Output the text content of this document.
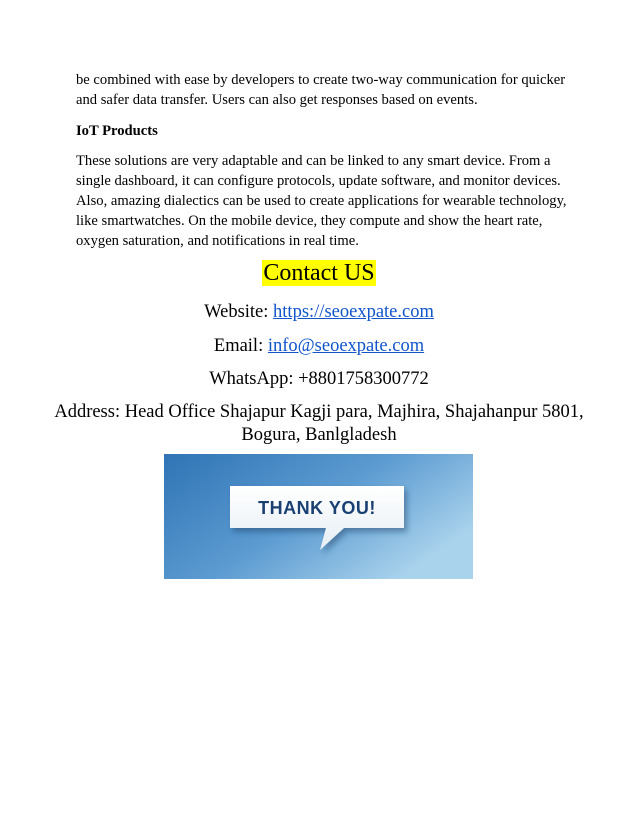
be combined with ease by developers to create two-way communication for quicker and safer data transfer. Users can also get responses based on events.

IoT Products

These solutions are very adaptable and can be linked to any smart device. From a single dashboard, it can configure protocols, update software, and monitor devices. Also, amazing dialectics can be used to create applications for wearable technology, like smartwatches. On the mobile device, they compute and show the heart rate, oxygen saturation, and notifications in real time.

Contact US
Website: https://seoexpate.com
Email: info@seoexpate.com
WhatsApp: +8801758300772
Address: Head Office Shajapur Kagji para, Majhira, Shajahanpur 5801,
Bogura, Banlgladesh
THANK YOU!
